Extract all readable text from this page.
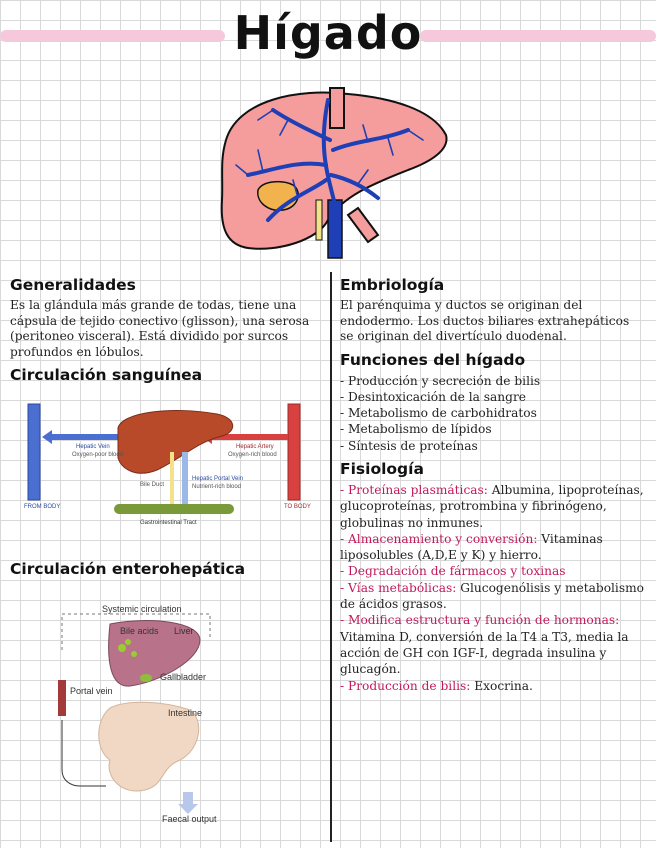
Hígado
Generalidades

Es la glándula más grande de todas, tiene una cápsula de tejido conectivo (glisson), una serosa (peritoneo visceral). Está dividido por surcos profundos en lóbulos.

Circulación sanguínea
Hepatic Vein
Oxygen-poor blood
Hepatic Artery
Oxygen-rich blood
Bile Duct
Hepatic Portal Vein
Nutrient-rich blood
FROM BODY	TO BODY
Gastrointestinal Tract
Circulación enterohepática
Systemic circulation
Liver
Bile acids
Gallbladder
Portal vein
Intestine
Faecal output
Embriología

El parénquima y ductos se originan del endodermo. Los ductos biliares extrahepáticos se originan del divertículo duodenal.

Funciones del hígado
- Producción y secreción de bilis
- Desintoxicación de la sangre
- Metabolismo de carbohidratos
- Metabolismo de lípidos
- Síntesis de proteínas
Fisiología
- Proteínas plasmáticas: Albumina, lipoproteínas, glucoproteínas, protrombina y fibrinógeno, globulinas no inmunes.
- Almacenamiento y conversión: Vitaminas liposolubles (A,D,E y K) y hierro.
- Degradación de fármacos y toxinas
- Vías metabólicas: Glucogenólisis y metabolismo de ácidos grasos.
- Modifica estructura y función de hormonas: Vitamina D, conversión de la T4 a T3, media la acción de GH con IGF-I, degrada insulina y glucagón.
- Producción de bilis: Exocrina.
